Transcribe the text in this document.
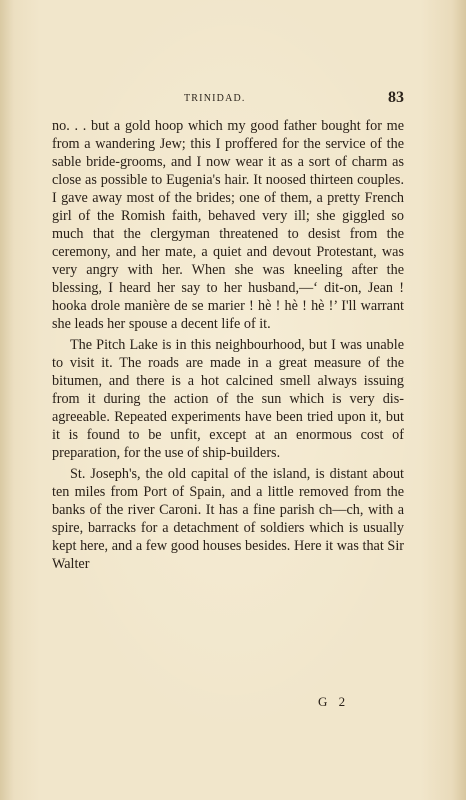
TRINIDAD.	83

no. . . but a gold hoop which my good father bought for me from a wandering Jew; this I proffered for the service of the sable bride-grooms, and I now wear it as a sort of charm as close as possible to Eugenia's hair. It noosed thirteen couples. I gave away most of the brides; one of them, a pretty French girl of the Romish faith, behaved very ill; she giggled so much that the clergyman threatened to desist from the ceremony, and her mate, a quiet and devout Protestant, was very angry with her. When she was kneeling after the blessing, I heard her say to her husband,—‘ dit-on, Jean ! hooka drole manière de se marier ! hè ! hè ! hè !’ I'll warrant she leads her spouse a decent life of it.

The Pitch Lake is in this neighbourhood, but I was unable to visit it. The roads are made in a great measure of the bitumen, and there is a hot calcined smell always issuing from it during the action of the sun which is very dis-agreeable. Repeated experiments have been tried upon it, but it is found to be unfit, except at an enormous cost of preparation, for the use of ship-builders.

St. Joseph's, the old capital of the island, is distant about ten miles from Port of Spain, and a little removed from the banks of the river Caroni. It has a fine parish ch––ch, with a spire, barracks for a detachment of soldiers which is usually kept here, and a few good houses besides. Here it was that Sir Walter

G 2
